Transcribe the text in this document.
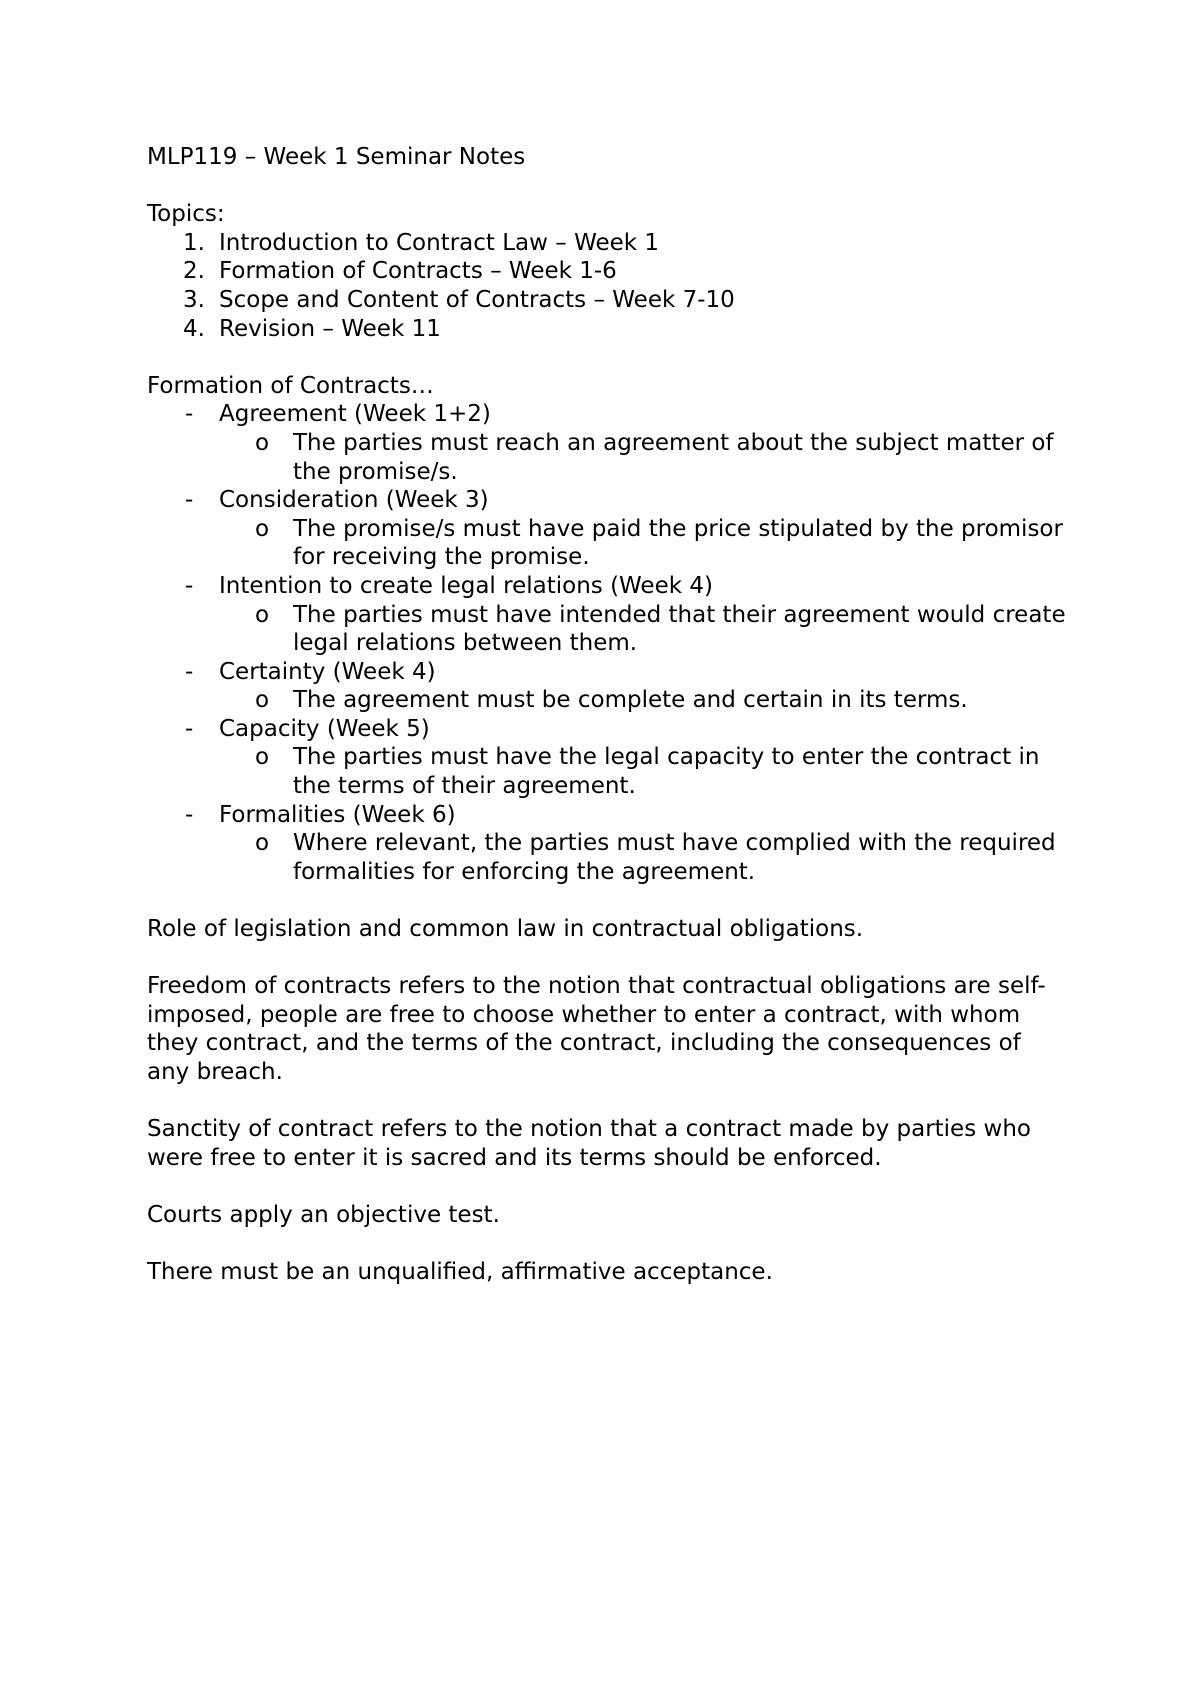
MLP119 – Week 1 Seminar Notes

Topics:

1. Introduction to Contract Law – Week 1
2. Formation of Contracts – Week 1-6
3. Scope and Content of Contracts – Week 7-10
4. Revision – Week 11

Formation of Contracts…

- Agreement (Week 1+2)
o The parties must reach an agreement about the subject matter of the promise/s.
- Consideration (Week 3)
o The promise/s must have paid the price stipulated by the promisor for receiving the promise.
- Intention to create legal relations (Week 4)
o The parties must have intended that their agreement would create legal relations between them.
- Certainty (Week 4)
o The agreement must be complete and certain in its terms.
- Capacity (Week 5)
o The parties must have the legal capacity to enter the contract in the terms of their agreement.
- Formalities (Week 6)
o Where relevant, the parties must have complied with the required formalities for enforcing the agreement.

Role of legislation and common law in contractual obligations.

Freedom of contracts refers to the notion that contractual obligations are self-imposed, people are free to choose whether to enter a contract, with whom they contract, and the terms of the contract, including the consequences of any breach.

Sanctity of contract refers to the notion that a contract made by parties who were free to enter it is sacred and its terms should be enforced.

Courts apply an objective test.

There must be an unqualified, affirmative acceptance.
